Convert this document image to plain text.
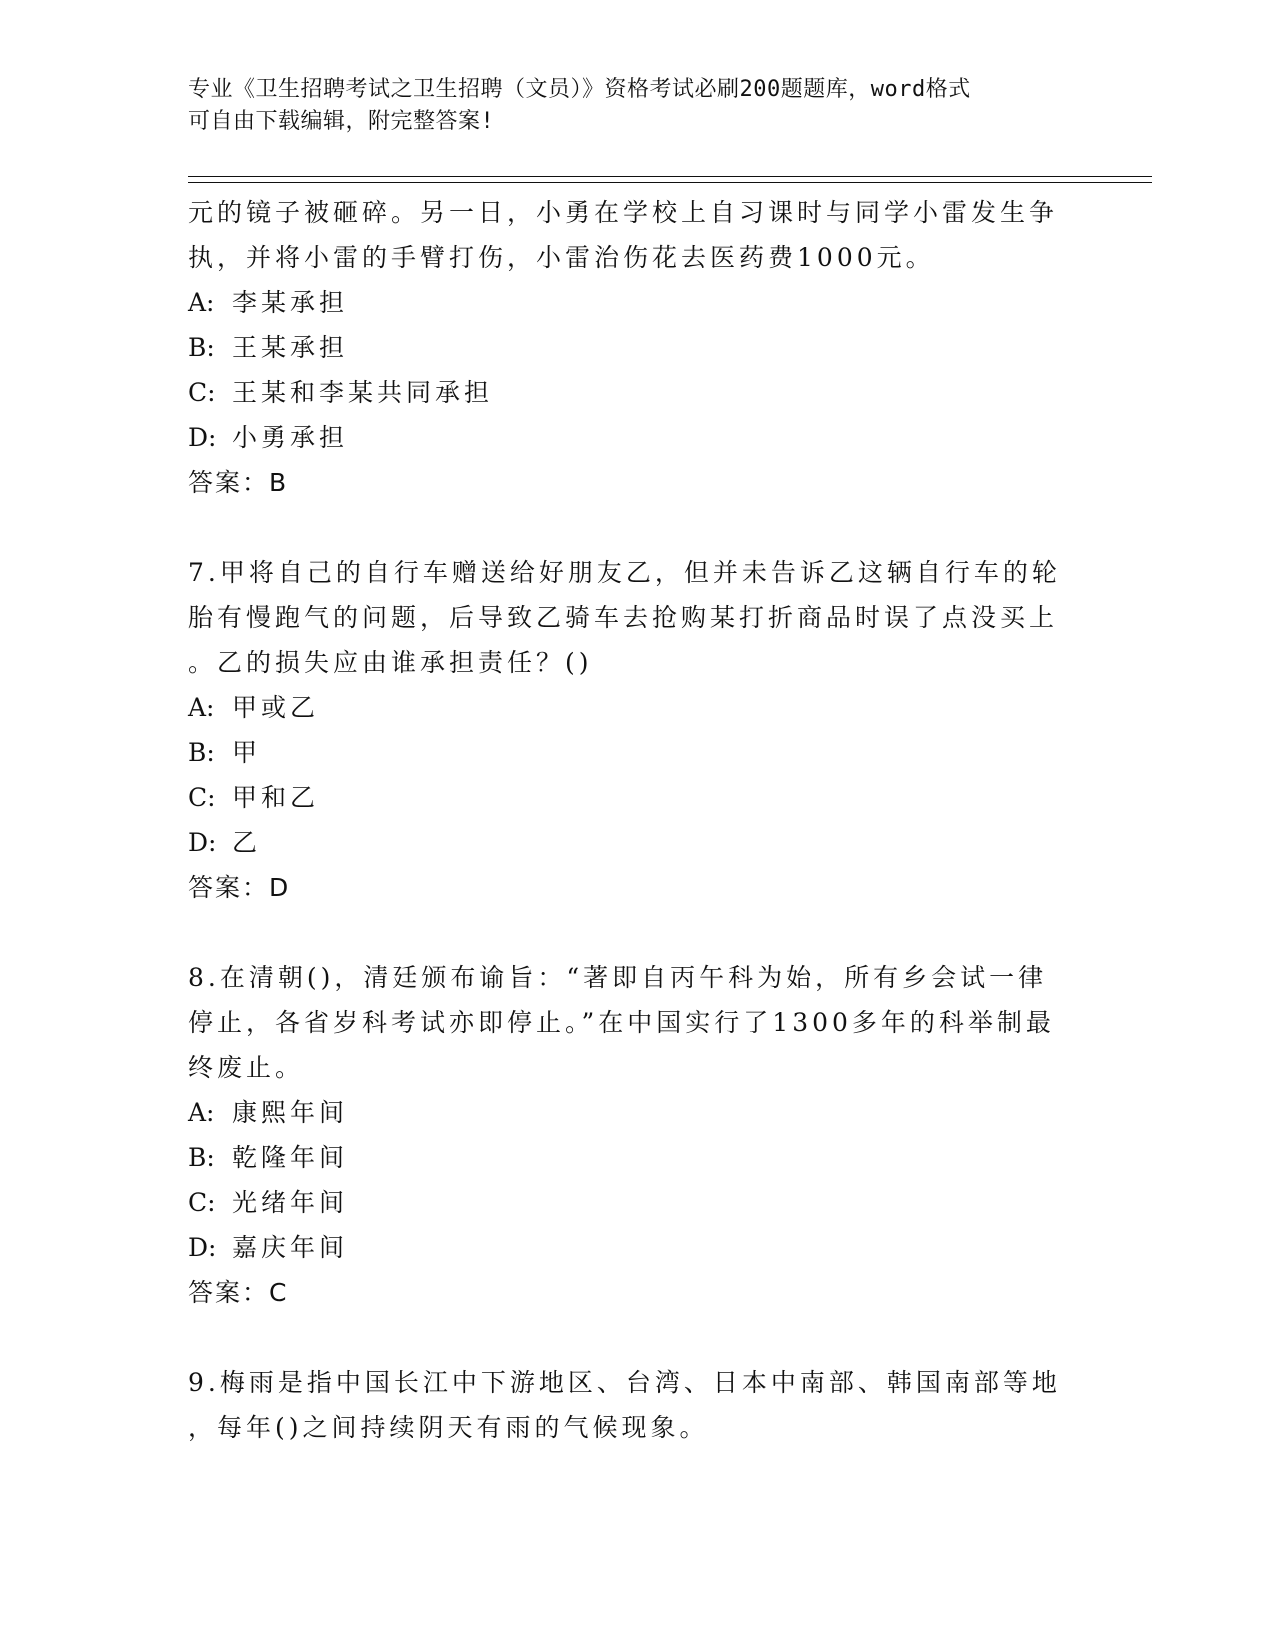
专业《卫生招聘考试之卫生招聘（文员）》资格考试必刷200题题库，word格式
可自由下载编辑，附完整答案!

元的镜子被砸碎。另一日，小勇在学校上自习课时与同学小雷发生争

执，并将小雷的手臂打伤，小雷治伤花去医药费1000元。

A: 李某承担

B: 王某承担

C: 王某和李某共同承担

D: 小勇承担

答案：B

7.甲将自己的自行车赠送给好朋友乙，但并未告诉乙这辆自行车的轮

胎有慢跑气的问题，后导致乙骑车去抢购某打折商品时误了点没买上

。乙的损失应由谁承担责任？()

A: 甲或乙

B: 甲

C: 甲和乙

D: 乙

答案：D

8.在清朝()，清廷颁布谕旨：“著即自丙午科为始，所有乡会试一律

停止，各省岁科考试亦即停止。”在中国实行了1300多年的科举制最

终废止。

A: 康熙年间

B: 乾隆年间

C: 光绪年间

D: 嘉庆年间

答案：C

9.梅雨是指中国长江中下游地区、台湾、日本中南部、韩国南部等地

，每年()之间持续阴天有雨的气候现象。
